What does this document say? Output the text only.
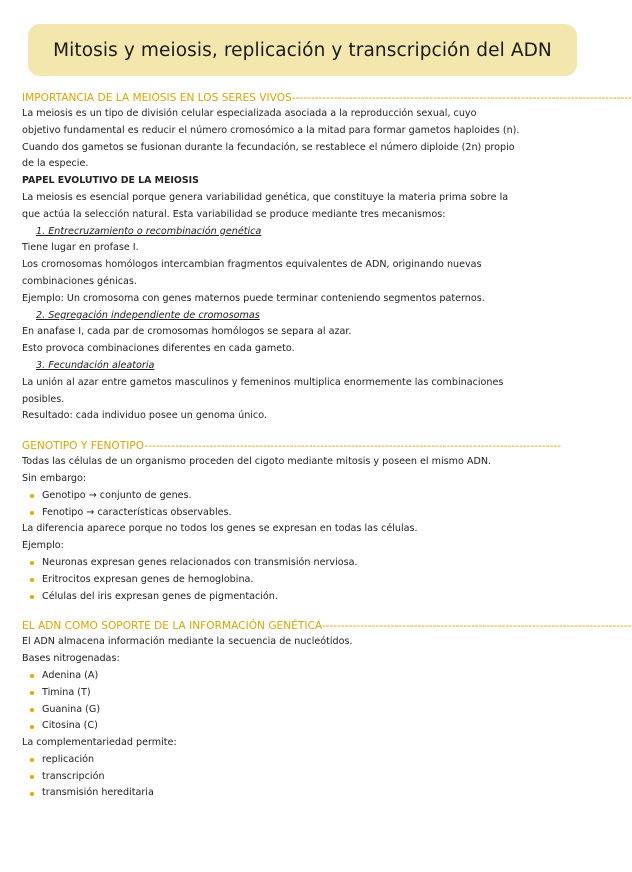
Mitosis y meiosis, replicación y transcripción del ADN
IMPORTANCIA DE LA MEIOSIS EN LOS SERES VIVOS-----------------------------------------------------------------------------------------
La meiosis es un tipo de división celular especializada asociada a la reproducción sexual, cuyo
objetivo fundamental es reducir el número cromosómico a la mitad para formar gametos haploides (n).
Cuando dos gametos se fusionan durante la fecundación, se restablece el número diploide (2n) propio
de la especie.
PAPEL EVOLUTIVO DE LA MEIOSIS
La meiosis es esencial porque genera variabilidad genética, que constituye la materia prima sobre la
que actúa la selección natural. Esta variabilidad se produce mediante tres mecanismos:
1. Entrecruzamiento o recombinación genética
Tiene lugar en profase I.
Los cromosomas homólogos intercambian fragmentos equivalentes de ADN, originando nuevas
combinaciones génicas.
Ejemplo: Un cromosoma con genes maternos puede terminar conteniendo segmentos paternos.
2. Segregación independiente de cromosomas
En anafase I, cada par de cromosomas homólogos se separa al azar.
Esto provoca combinaciones diferentes en cada gameto.
3. Fecundación aleatoria
La unión al azar entre gametos masculinos y femeninos multiplica enormemente las combinaciones
posibles.
Resultado: cada individuo posee un genoma único.
GENOTIPO Y FENOTIPO-------------------------------------------------------------------------------------------------------------
Todas las células de un organismo proceden del cigoto mediante mitosis y poseen el mismo ADN.
Sin embargo:
Genotipo → conjunto de genes.
Fenotipo → características observables.
La diferencia aparece porque no todos los genes se expresan en todas las células.
Ejemplo:
Neuronas expresan genes relacionados con transmisión nerviosa.
Eritrocitos expresan genes de hemoglobina.
Células del iris expresan genes de pigmentación.
EL ADN COMO SOPORTE DE LA INFORMACIÓN GENÉTICA---------------------------------------------------------------------------------
El ADN almacena información mediante la secuencia de nucleótidos.
Bases nitrogenadas:
Adenina (A)
Timina (T)
Guanina (G)
Citosina (C)
La complementariedad permite:
replicación
transcripción
transmisión hereditaria
